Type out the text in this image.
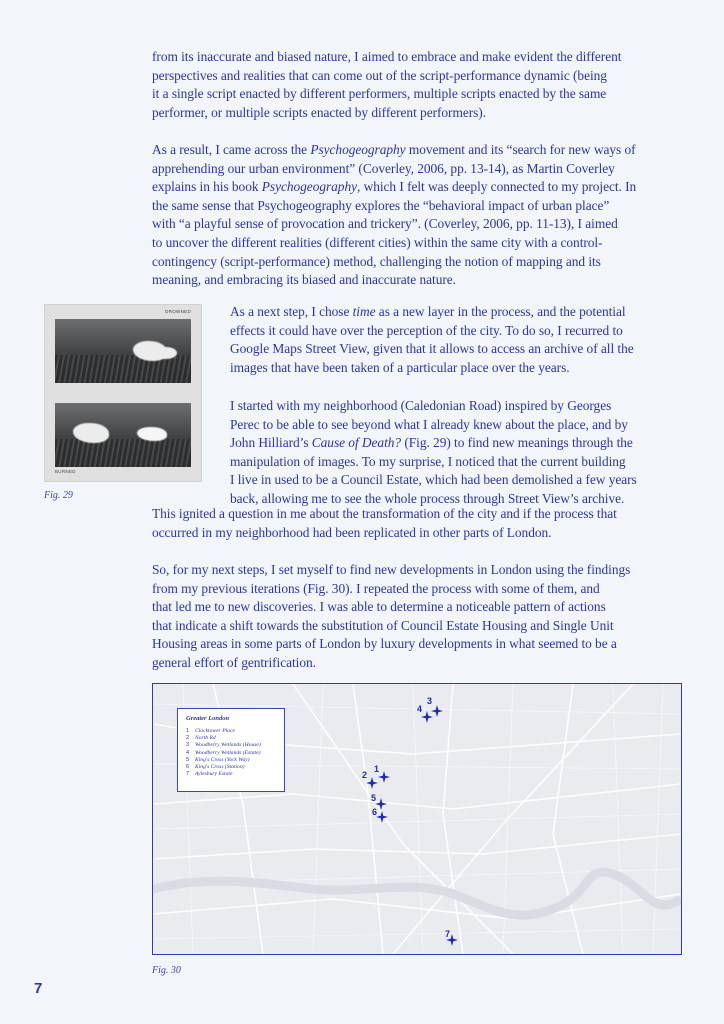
from its inaccurate and biased nature, I aimed to embrace and make evident the different
perspectives and realities that can come out of the script-performance dynamic (being
it a single script enacted by different performers, multiple scripts enacted by the same
performer, or multiple scripts enacted by different performers).
As a result, I came across the Psychogeography movement and its “search for new ways of
apprehending our urban environment” (Coverley, 2006, pp. 13-14), as Martin Coverley
explains in his book Psychogeography, which I felt was deeply connected to my project. In
the same sense that Psychogeography explores the “behavioral impact of urban place”
with “a playful sense of provocation and trickery”. (Coverley, 2006, pp. 11-13), I aimed
to uncover the different realities (different cities) within the same city with a control-
contingency (script-performance) method, challenging the notion of mapping and its
meaning, and embracing its biased and inaccurate nature.
DROWNED
BURNED
Fig. 29
As a next step, I chose time as a new layer in the process, and the potential
effects it could have over the perception of the city. To do so, I recurred to
Google Maps Street View, given that it allows to access an archive of all the
images that have been taken of a particular place over the years.
I started with my neighborhood (Caledonian Road) inspired by Georges
Perec to be able to see beyond what I already knew about the place, and by
John Hilliard’s Cause of Death? (Fig. 29) to find new meanings through the
manipulation of images. To my surprise, I noticed that the current building
I live in used to be a Council Estate, which had been demolished a few years
back, allowing me to see the whole process through Street View’s archive.
This ignited a question in me about the transformation of the city and if the process that
occurred in my neighborhood had been replicated in other parts of London.
So, for my next steps, I set myself to find new developments in London using the findings
from my previous iterations (Fig. 30). I repeated the process with some of them, and
that led me to new discoveries. I was able to determine a noticeable pattern of actions
that indicate a shift towards the substitution of Council Estate Housing and Single Unit
Housing areas in some parts of London by luxury developments in what seemed to be a
general effort of gentrification.
Greater London
1 Clocktower Place
2 North Rd
3 Woodberry Wetlands (House)
4 Woodberry Wetlands (Estate)
5 King's Cross (York Way)
6 King's Cross (Station)
7 Aylesbury Estate
3
4
1
2
5
6
7
Fig. 30
7
